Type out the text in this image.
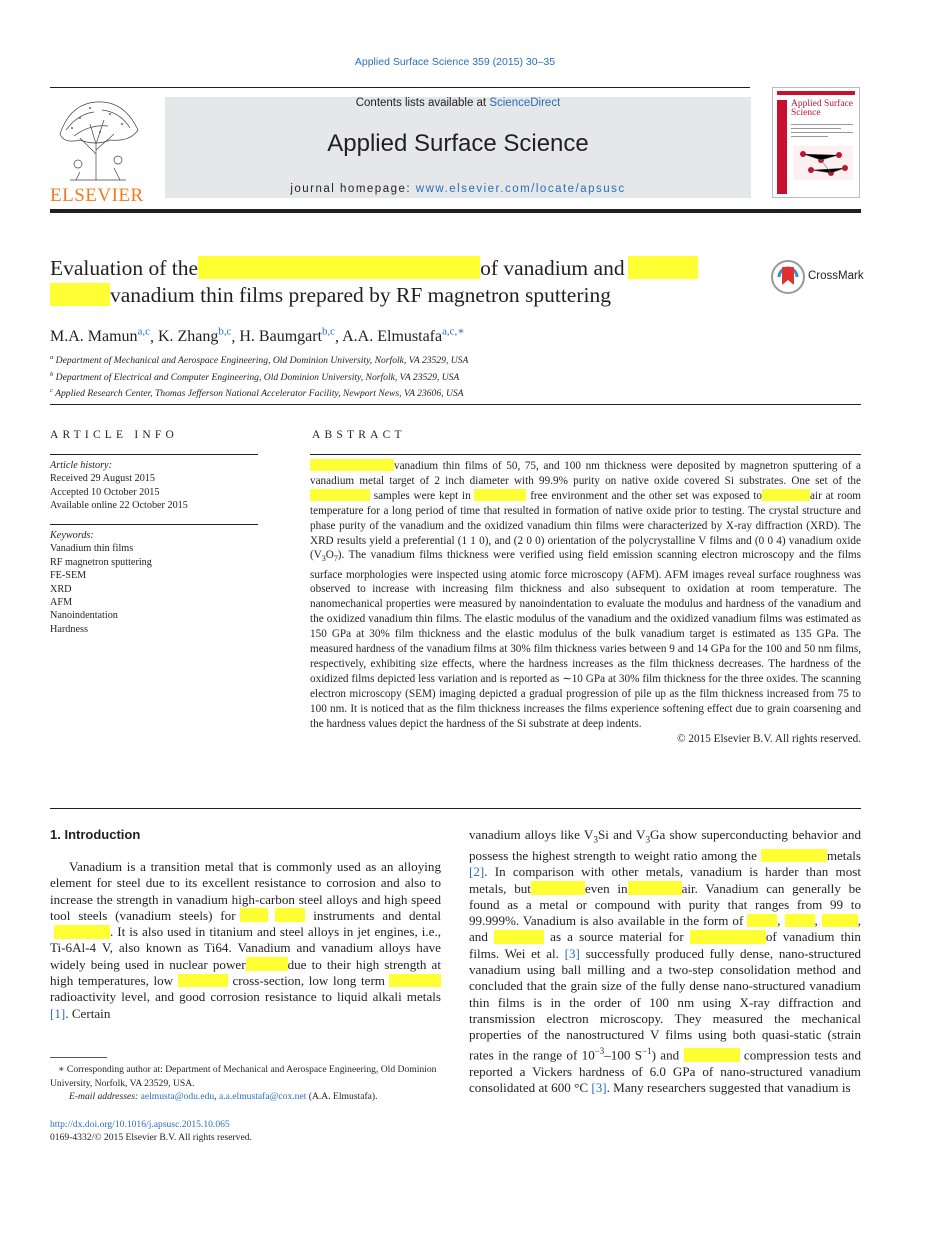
Applied Surface Science 359 (2015) 30–35
ELSEVIER
Contents lists available at ScienceDirect
Applied Surface Science
journal homepage: www.elsevier.com/locate/apsusc
Applied Surface Science
Evaluation of the	of vanadium and
vanadium thin films prepared by RF magnetron sputtering
CrossMark
M.A. Mamun$^{a,c}$, K. Zhang$^{b,c}$, H. Baumgart$^{b,c}$, A.A. Elmustafa$^{a,c,∗}$
$^a$ Department of Mechanical and Aerospace Engineering, Old Dominion University, Norfolk, VA 23529, USA
$^b$ Department of Electrical and Computer Engineering, Old Dominion University, Norfolk, VA 23529, USA
$^c$ Applied Research Center, Thomas Jefferson National Accelerator Facility, Newport News, VA 23606, USA
ARTICLE INFO
Article history:
Received 29 August 2015
Accepted 10 October 2015
Available online 22 October 2015
Keywords:
Vanadium thin films
RF magnetron sputtering
FE-SEM
XRD
AFM
Nanoindentation
Hardness
ABSTRACT

vanadium thin films of 50, 75, and 100 nm thickness were deposited by magnetron sputtering of a vanadium metal target of 2 inch diameter with 99.9% purity on native oxide covered Si substrates. One set of the samples were kept in	free environment and the other set was exposed to	air at room temperature for a long period of time that resulted in formation of native oxide prior to testing. The crystal structure and phase purity of the vanadium and the oxidized vanadium thin films were characterized by X-ray diffraction (XRD). The XRD results yield a preferential (1 1 0), and (2 0 0) orientation of the polycrystalline V films and (0 0 4) vanadium oxide $(V_3O_7)$. The vanadium films thickness were verified using field emission scanning electron microscopy and the films surface morphologies were inspected using atomic force microscopy (AFM). AFM images reveal surface roughness was observed to increase with increasing film thickness and also subsequent to oxidation at room temperature. The nanomechanical properties were measured by nanoindentation to evaluate the modulus and hardness of the vanadium and the oxidized vanadium thin films. The elastic modulus of the vanadium and the oxidized vanadium films was estimated as 150 GPa at 30% film thickness and the elastic modulus of the bulk vanadium target is estimated as 135 GPa. The measured hardness of the vanadium films at 30% film thickness varies between 9 and 14 GPa for the 100 and 50 nm films, respectively, exhibiting size effects, where the hardness increases as the film thickness decreases. The hardness of the oxidized films depicted less variation and is reported as ∼10 GPa at 30% film thickness for the three oxides. The scanning electron microscopy (SEM) imaging depicted a gradual progression of pile up as the film thickness increased from 75 to 100 nm. It is noticed that as the film thickness increases the films experience softening effect due to grain coarsening and the hardness values depict the hardness of the Si substrate at deep indents.

© 2015 Elsevier B.V. All rights reserved.
1. Introduction

Vanadium is a transition metal that is commonly used as an alloying element for steel due to its excellent resistance to corrosion and also to increase the strength in vanadium high-carbon steel alloys and high speed tool steels (vanadium steels) for	instruments and dental. It is also used in titanium and steel alloys in jet engines, i.e., Ti-6Al-4 V, also known as Ti64. Vanadium and vanadium alloys have widely being used in nuclear power	due to their high strength at high temperatures, low	cross-section, low long term radioactivity level, and good corrosion resistance to liquid alkali metals [1]. Certain

vanadium alloys like $V_3Si$ and $V_3Ga$ show superconducting behavior and possess the highest strength to weight ratio among the	metals [2]. In comparison with other metals, vanadium is harder than most metals, but	even in	air. Vanadium can generally be found as a metal or compound with purity that ranges from 99 to 99.999%. Vanadium is also available in the form of , ,	, and	as a source material for	of vanadium thin films. Wei et al. [3] successfully produced fully dense, nano-structured vanadium using ball milling and a two-step consolidation method and concluded that the grain size of the fully dense nano-structured vanadium thin films is in the order of 100 nm using X-ray diffraction and transmission electron microscopy. They measured the mechanical properties of the nanostructured V films using both quasi-static (strain rates in the range of $10^{-3}-100$ $S^{-1}$) and	compression tests and reported a Vickers hardness of 6.0 GPa of nano-structured vanadium consolidated at 600 °C [3]. Many researchers suggested that vanadium is

∗ Corresponding author at: Department of Mechanical and Aerospace Engineering, Old Dominion University, Norfolk, VA 23529, USA.
E-mail addresses: aelmusta@odu.edu, a.a.elmustafa@cox.net (A.A. Elmustafa).
http://dx.doi.org/10.1016/j.apsusc.2015.10.065
0169-4332/© 2015 Elsevier B.V. All rights reserved.
